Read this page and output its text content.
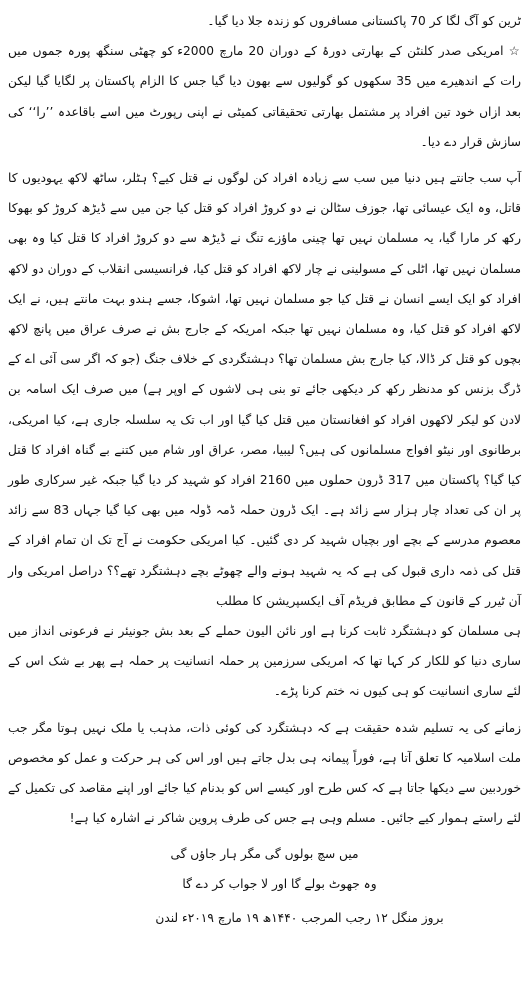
ٹرین کو آگ لگا کر 70 پاکستانی مسافروں کو زندہ جلا دیا گیا۔

☆ امریکی صدر کلنٹن کے بھارتی دورۂ کے دوران 20 مارچ 2000ء کو چھٹی سنگھ پورہ جموں میں رات کے اندھیرے میں 35 سکھوں کو گولیوں سے بھون دیا گیا جس کا الزام پاکستان پر لگایا گیا لیکن بعد ازاں خود تین افراد پر مشتمل بھارتی تحقیقاتی کمیٹی نے اپنی رپورٹ میں اسے باقاعدہ ’’را‘‘ کی سازش قرار دے دیا۔

آپ سب جانتے ہیں دنیا میں سب سے زیادہ افراد کن لوگوں نے قتل کیے؟ ہٹلر، ساٹھ لاکھ یہودیوں کا قاتل، وہ ایک عیسائی تھا، جوزف سٹالن نے دو کروڑ افراد کو قتل کیا جن میں سے ڈیڑھ کروڑ کو بھوکا رکھ کر مارا گیا، یہ مسلمان نہیں تھا چینی ماؤزے تنگ نے ڈیڑھ سے دو کروڑ افراد کا قتل کیا وہ بھی مسلمان نہیں تھا، اٹلی کے مسولینی نے چار لاکھ افراد کو قتل کیا، فرانسیسی انقلاب کے دوران دو لاکھ افراد کو ایک ایسے انسان نے قتل کیا جو مسلمان نہیں تھا، اشوکا، جسے ہندو بہت مانتے ہیں، نے ایک لاکھ افراد کو قتل کیا، وہ مسلمان نہیں تھا جبکہ امریکہ کے جارج بش نے صرف عراق میں پانچ لاکھ بچوں کو قتل کر ڈالا، کیا جارج بش مسلمان تھا؟ دہشتگردی کے خلاف جنگ (جو کہ اگر سی آئی اے کے ڈرگ بزنس کو مدنظر رکھ کر دیکھی جائے تو بنی ہی لاشوں کے اوپر ہے) میں صرف ایک اسامہ بن لادن کو لیکر لاکھوں افراد کو افغانستان میں قتل کیا گیا اور اب تک یہ سلسلہ جاری ہے، کیا امریکی، برطانوی اور نیٹو افواج مسلمانوں کی ہیں؟ لیبیا، مصر، عراق اور شام میں کتنے بے گناہ افراد کا قتل کیا گیا؟ پاکستان میں 317 ڈرون حملوں میں 2160 افراد کو شہید کر دیا گیا جبکہ غیر سرکاری طور پر ان کی تعداد چار ہزار سے زائد ہے۔ ایک ڈرون حملہ ڈمہ ڈولہ میں بھی کیا گیا جہاں 83 سے زائد معصوم مدرسے کے بچے اور بچیاں شہید کر دی گئیں۔ کیا امریکی حکومت نے آج تک ان تمام افراد کے قتل کی ذمہ داری قبول کی ہے کہ یہ شہید ہونے والے چھوٹے بچے دہشتگرد تھے؟؟ دراصل امریکی وار آن ٹیرر کے قانون کے مطابق فریڈم آف ایکسپریشن کا مطلب

ہی مسلمان کو دہشتگرد ثابت کرنا ہے اور نائن الیون حملے کے بعد بش جونیئر نے فرعونی انداز میں ساری دنیا کو للکار کر کہا تھا کہ امریکی سرزمین پر حملہ انسانیت پر حملہ ہے پھر بے شک اس کے لئے ساری انسانیت کو ہی کیوں نہ ختم کرنا پڑے۔

زمانے کی یہ تسلیم شدہ حقیقت ہے کہ دہشتگرد کی کوئی ذات، مذہب یا ملک نہیں ہوتا مگر جب ملت اسلامیہ کا تعلق آتا ہے، فوراً پیمانہ ہی بدل جاتے ہیں اور اس کی ہر حرکت و عمل کو مخصوص خوردبین سے دیکھا جاتا ہے کہ کس طرح اور کیسے اس کو بدنام کیا جائے اور اپنے مقاصد کی تکمیل کے لئے راستے ہموار کیے جائیں۔ مسلم وہی ہے جس کی طرف پروین شاکر نے اشارہ کیا ہے!

میں سچ بولوں گی مگر ہار جاؤں گی

وہ جھوٹ بولے گا اور لا جواب کر دے گا

بروز منگل ۱۲ رجب المرجب ۱۴۴۰ھ ۱۹ مارچ ۲۰۱۹ء لندن
